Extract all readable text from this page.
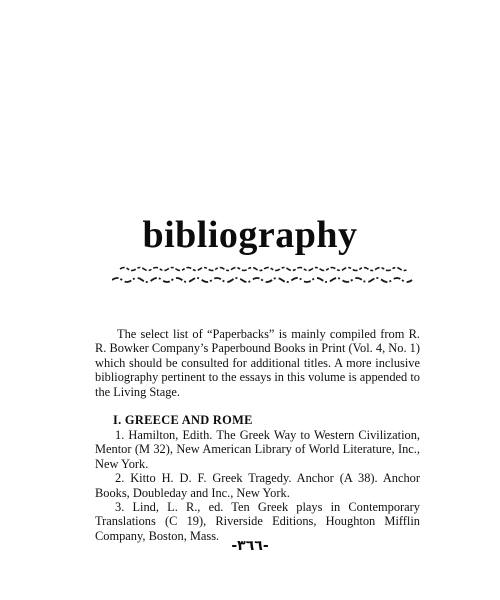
bibliography

The select list of “Paperbacks” is mainly compiled from R. R. Bowker Company’s Paperbound Books in Print (Vol. 4, No. 1) which should be consulted for additional titles. A more inclusive bibliography pertinent to the essays in this volume is appended to the Living Stage.

I. GREECE AND ROME

1. Hamilton, Edith. The Greek Way to Western Civilization, Mentor (M 32), New American Library of World Literature, Inc., New York.

2. Kitto H. D. F. Greek Tragedy. Anchor (A 38). Anchor Books, Doubleday and Inc., New York.

3. Lind, L. R., ed. Ten Greek plays in Contemporary Translations (C 19), Riverside Editions, Houghton Mifflin Company, Boston, Mass.

-٣٦٦-
